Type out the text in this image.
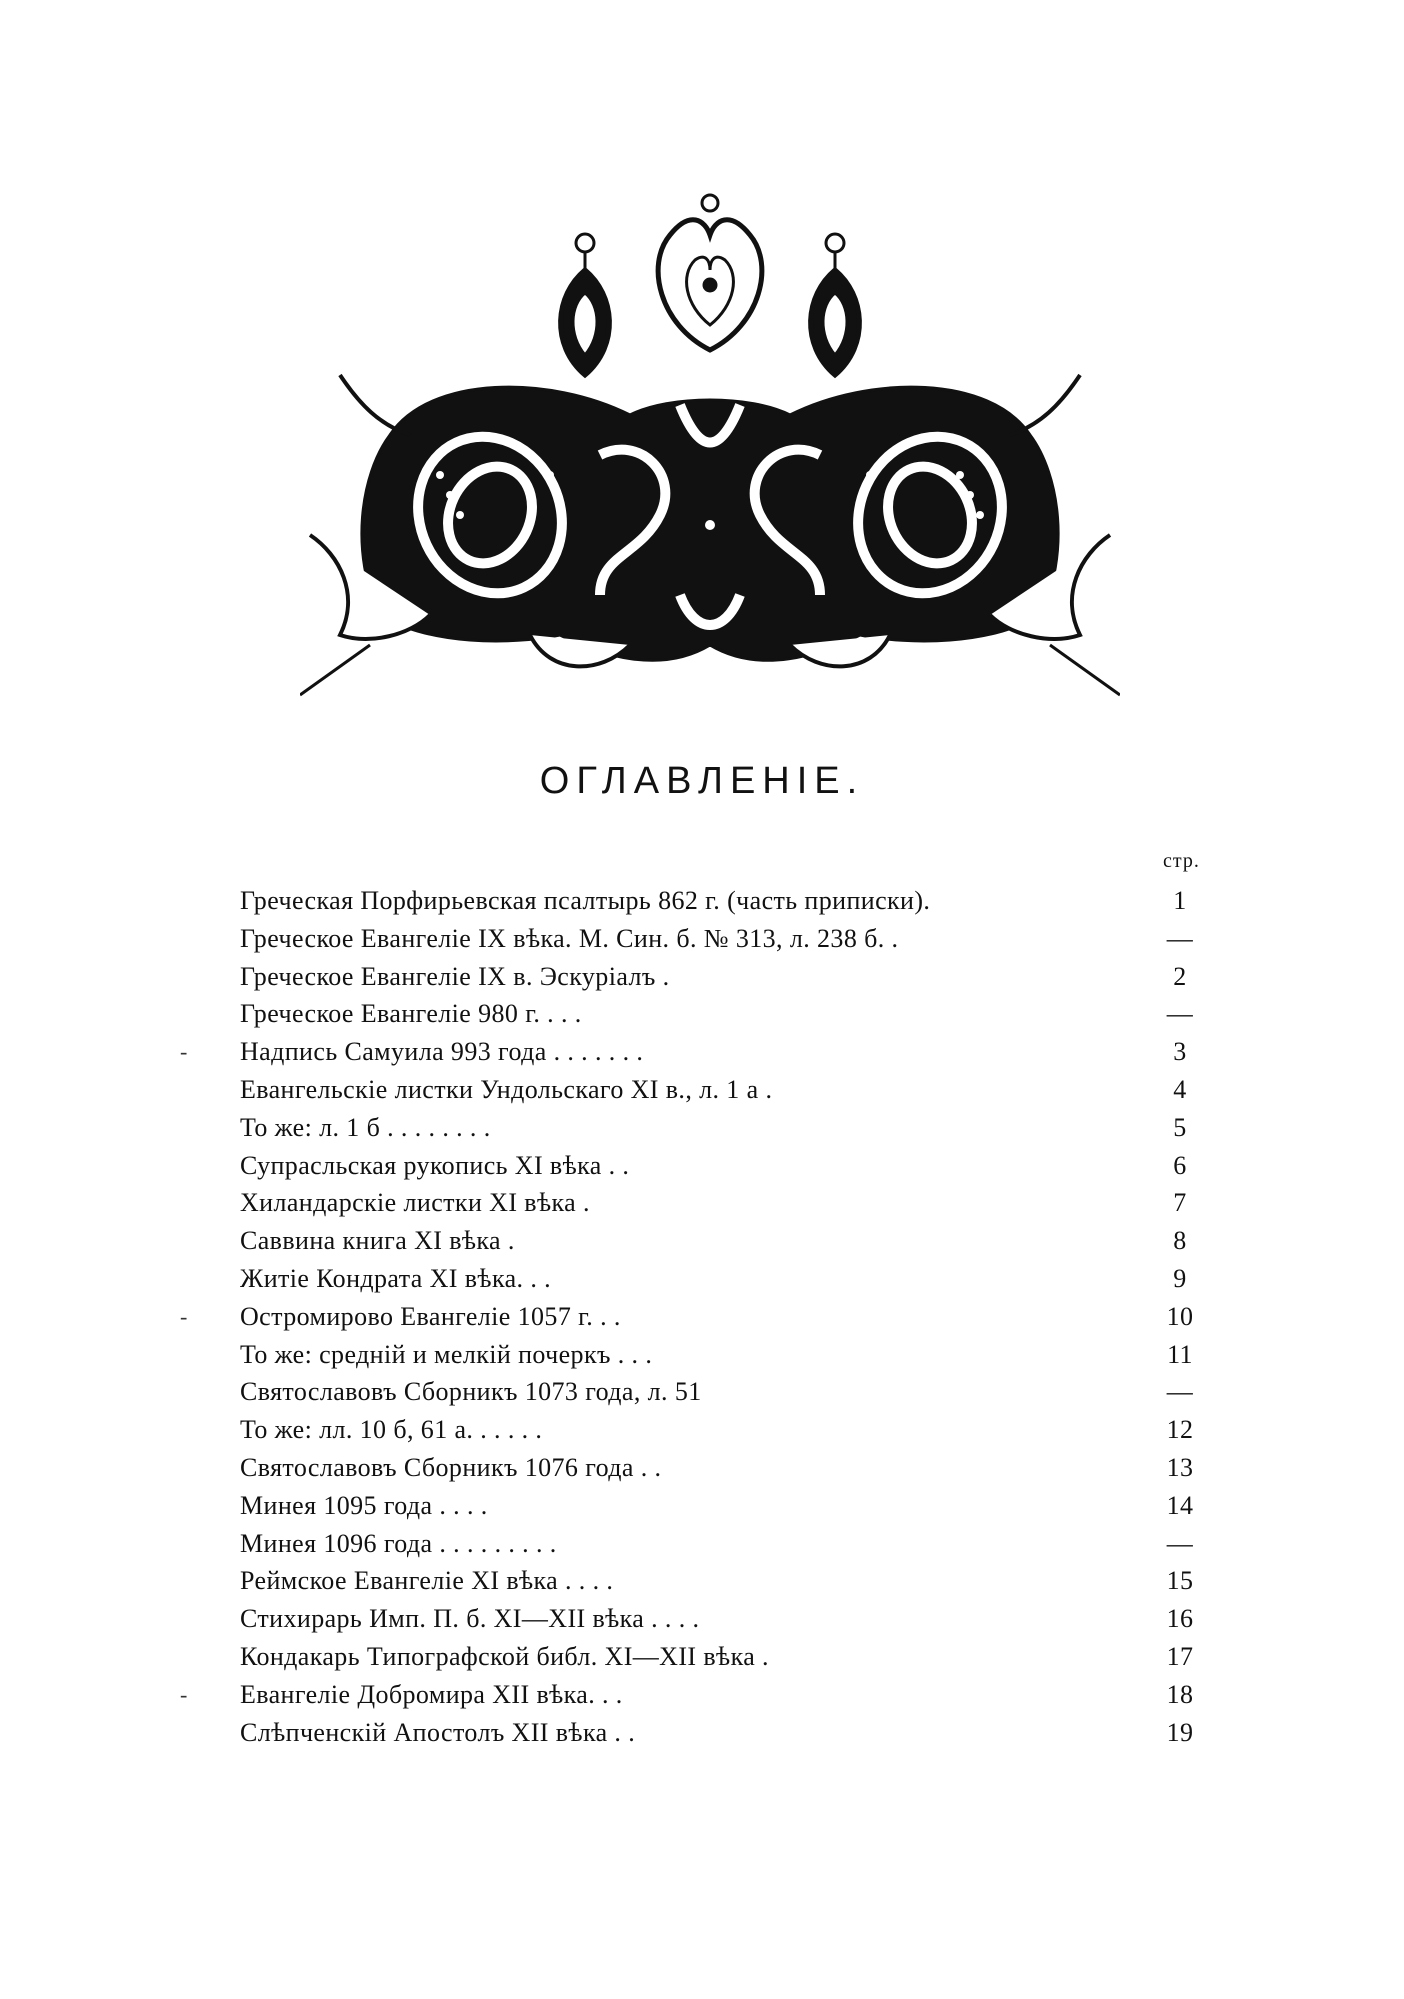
ОГЛАВЛЕНІЕ.
стр.
Греческая Порфирьевская псалтырь 862 г. (часть приписки).	1
Греческое Евангеліе IX вѣка. М. Син. б. № 313, л. 238 б. .	—
Греческое Евангеліе IX в. Эскуріалъ .	2
Греческое Евангеліе 980 г. . . .	—
- Надпись Самуила 993 года . . . . . . .	3
Евангельскіе листки Ундольскаго XI в., л. 1 а .	4
То же: л. 1 б . . . . . . . .	5
Супрасльская рукопись XI вѣка . .	6
Хиландарскіе листки XI вѣка .	7
Саввина книга XI вѣка .	8
Житіе Кондрата XI вѣка. . .	9
- Остромирово Евангеліе 1057 г. . .	10
То же: средній и мелкій почеркъ . . .	11
Святославовъ Сборникъ 1073 года, л. 51	—
То же: лл. 10 б, 61 а. . . . . .	12
Святославовъ Сборникъ 1076 года . .	13
Минея 1095 года . . . .	14
Минея 1096 года . . . . . . . . .	—
Реймское Евангеліе XI вѣка . . . .	15
Стихирарь Имп. П. б. XI—XII вѣка . . . .	16
Кондакарь Типографской библ. XI—XII вѣка .	17
- Евангеліе Добромира XII вѣка. . .	18
Слѣпченскій Апостолъ XII вѣка . .	19
